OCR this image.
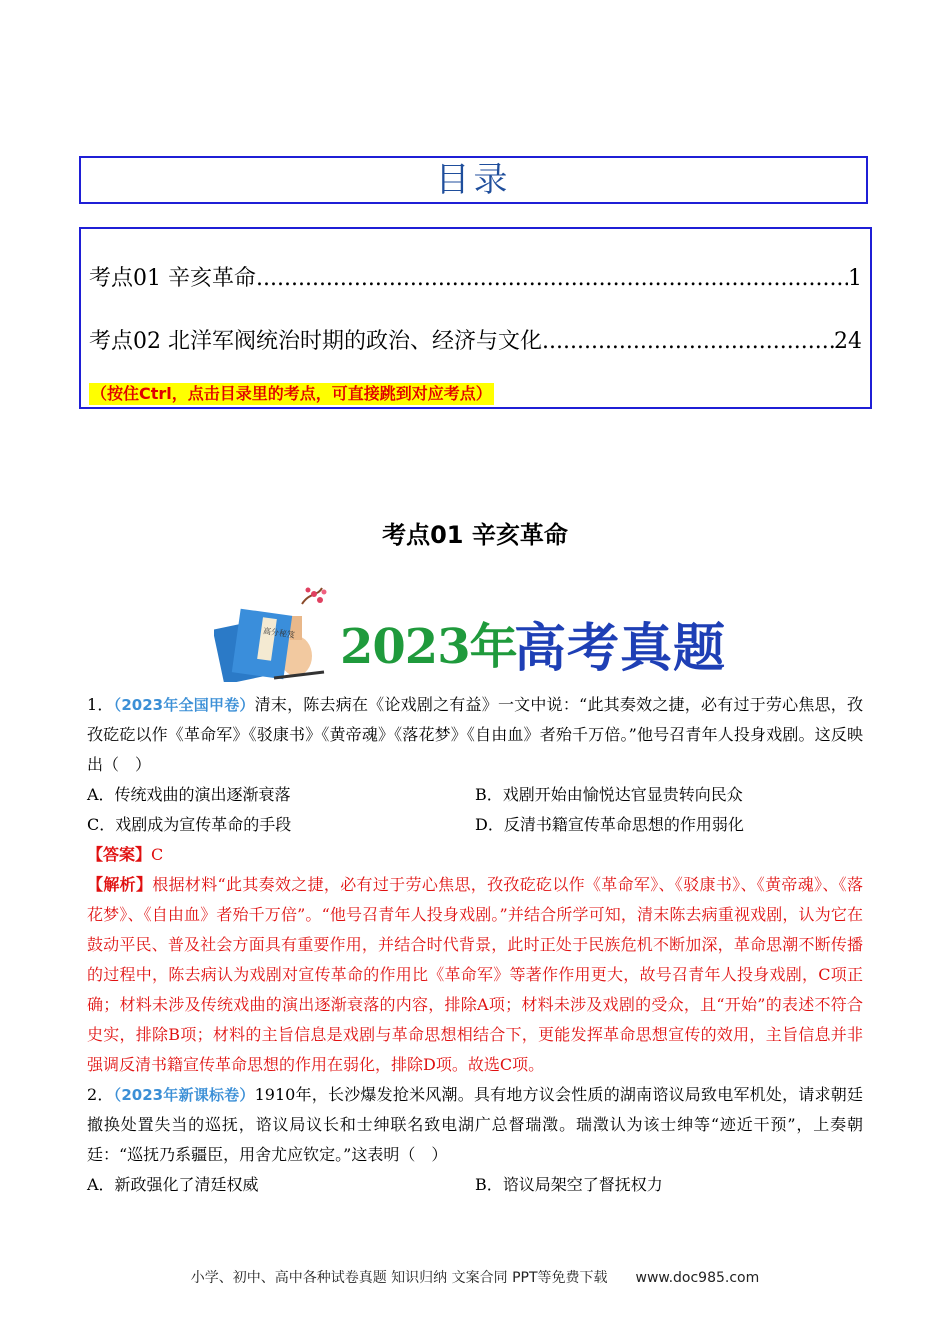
目录
考点01 辛亥革命 .....	1
考点02 北洋军阀统治时期的政治、经济与文化 .....	24
（按住Ctrl，点击目录里的考点，可直接跳到对应考点）
考点01 辛亥革命
高分秘笈 2023年
高考真题

1．（2023年全国甲卷）清末，陈去病在《论戏剧之有益》一文中说：“此其奏效之捷，必有过于劳心焦思，孜孜矻矻以作《革命军》《驳康书》《黄帝魂》《落花梦》《自由血》者殆千万倍。”他号召青年人投身戏剧。这反映出（　）

A．传统戏曲的演出逐渐衰落	B．戏剧开始由愉悦达官显贵转向民众
C．戏剧成为宣传革命的手段	D．反清书籍宣传革命思想的作用弱化

【答案】C

【解析】根据材料“此其奏效之捷，必有过于劳心焦思，孜孜矻矻以作《革命军》、《驳康书》、《黄帝魂》、《落花梦》、《自由血》者殆千万倍”。“他号召青年人投身戏剧。”并结合所学可知，清末陈去病重视戏剧，认为它在鼓动平民、普及社会方面具有重要作用，并结合时代背景，此时正处于民族危机不断加深，革命思潮不断传播的过程中，陈去病认为戏剧对宣传革命的作用比《革命军》等著作作用更大，故号召青年人投身戏剧，C项正确；材料未涉及传统戏曲的演出逐渐衰落的内容，排除A项；材料未涉及戏剧的受众，且“开始”的表述不符合史实，排除B项；材料的主旨信息是戏剧与革命思想相结合下，更能发挥革命思想宣传的效用，主旨信息并非强调反清书籍宣传革命思想的作用在弱化，排除D项。故选C项。

2．（2023年新课标卷）1910年，长沙爆发抢米风潮。具有地方议会性质的湖南谘议局致电军机处，请求朝廷撤换处置失当的巡抚，谘议局议长和士绅联名致电湖广总督瑞澂。瑞澂认为该士绅等“迹近干预”，上奏朝廷：“巡抚乃系疆臣，用舍尤应钦定。”这表明（　）

A．新政强化了清廷权威	B．谘议局架空了督抚权力
小学、初中、高中各种试卷真题 知识归纳 文案合同 PPT等免费下载　　www.doc985.com
